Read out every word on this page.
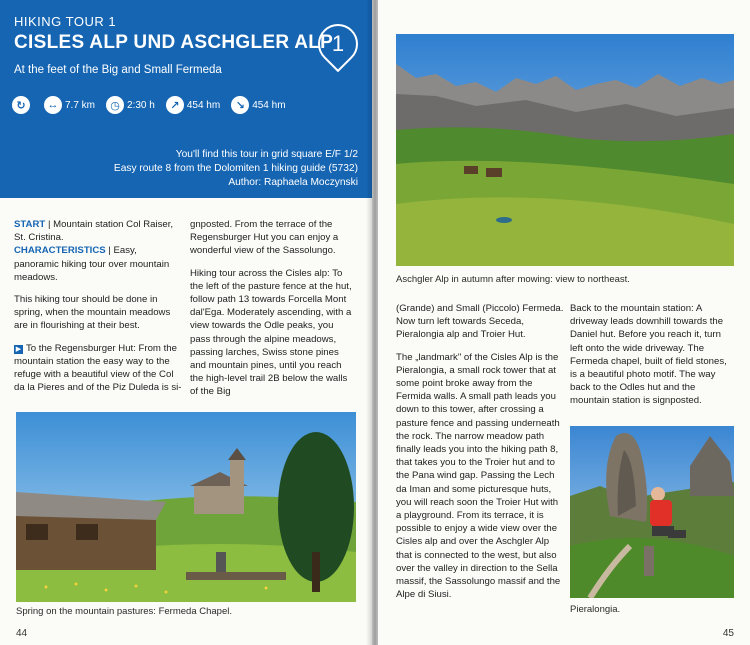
HIKING TOUR 1
CISLES ALP UND ASCHGLER ALP
At the feet of the Big and Small Fermeda
1
↻	↔ 7.7 km	◷ 2:30 h	↗ 454 hm	↘ 454 hm
You'll find this tour in grid square E/F 1/2
Easy route 8 from the Dolomiten 1 hiking guide (5732)
Author: Raphaela Moczynski

START | Mountain station Col Raiser, St. Cristina.
CHARACTERISTICS | Easy, panoramic hiking tour over mountain meadows.

This hiking tour should be done in spring, when the mountain meadows are in flourishing at their best.

▶ To the Regensburger Hut: From the mountain station the easy way to the refuge with a beautiful view of the Col da la Pieres and of the Piz Duleda is si-

gnposted. From the terrace of the Regensburger Hut you can enjoy a wonderful view of the Sassolungo.

Hiking tour across the Cisles alp: To the left of the pasture fence at the hut, follow path 13 towards Forcella Mont dal'Ega. Moderately ascending, with a view towards the Odle peaks, you pass through the alpine meadows, passing larches, Swiss stone pines and mountain pines, until you reach the high-level trail 2B below the walls of the Big

Spring on the mountain pastures: Fermeda Chapel.
44
Aschgler Alp in autumn after mowing: view to northeast.

(Grande) and Small (Piccolo) Fermeda. Now turn left towards Seceda, Pieralongia alp and Troier Hut.

The „landmark" of the Cisles Alp is the Pieralongia, a small rock tower that at some point broke away from the Fermida walls. A small path leads you down to this tower, after crossing a pasture fence and passing underneath the rock. The narrow meadow path finally leads you into the hiking path 8, that takes you to the Troier hut and to the Pana wind gap. Passing the Lech da Iman and some picturesque huts, you will reach soon the Troier Hut with a playground. From its terrace, it is possible to enjoy a wide view over the Cisles alp and over the Aschgler Alp that is connected to the west, but also over the valley in direction to the Sella massif, the Sassolungo massif and the Alpe di Siusi.

Back to the mountain station: A driveway leads downhill towards the Daniel hut. Before you reach it, turn left onto the wide driveway. The Fermeda chapel, built of field stones, is a beautiful photo motif. The way back to the Odles hut and the mountain station is signposted.

Pieralongia.
45
